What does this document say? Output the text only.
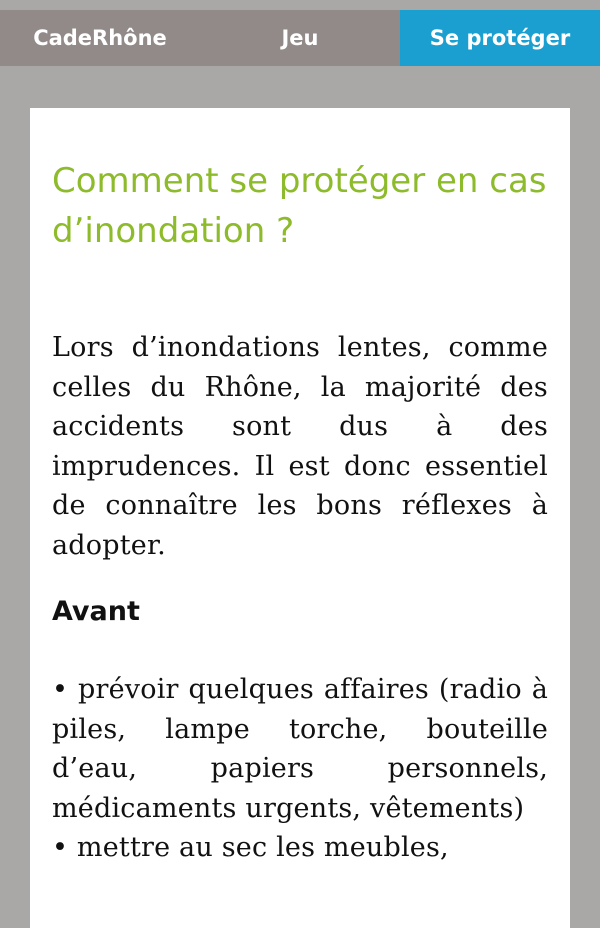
CadeRhône	Jeu	Se protéger
Comment se protéger en cas d’inondation ?

Lors d’inondations lentes, comme celles du Rhône, la majorité des accidents sont dus à des imprudences. Il est donc essentiel de connaître les bons réflexes à adopter.

Avant
• prévoir quelques affaires (radio à piles, lampe torche, bouteille d’eau, papiers personnels, médicaments urgents, vêtements)
• mettre au sec les meubles,
